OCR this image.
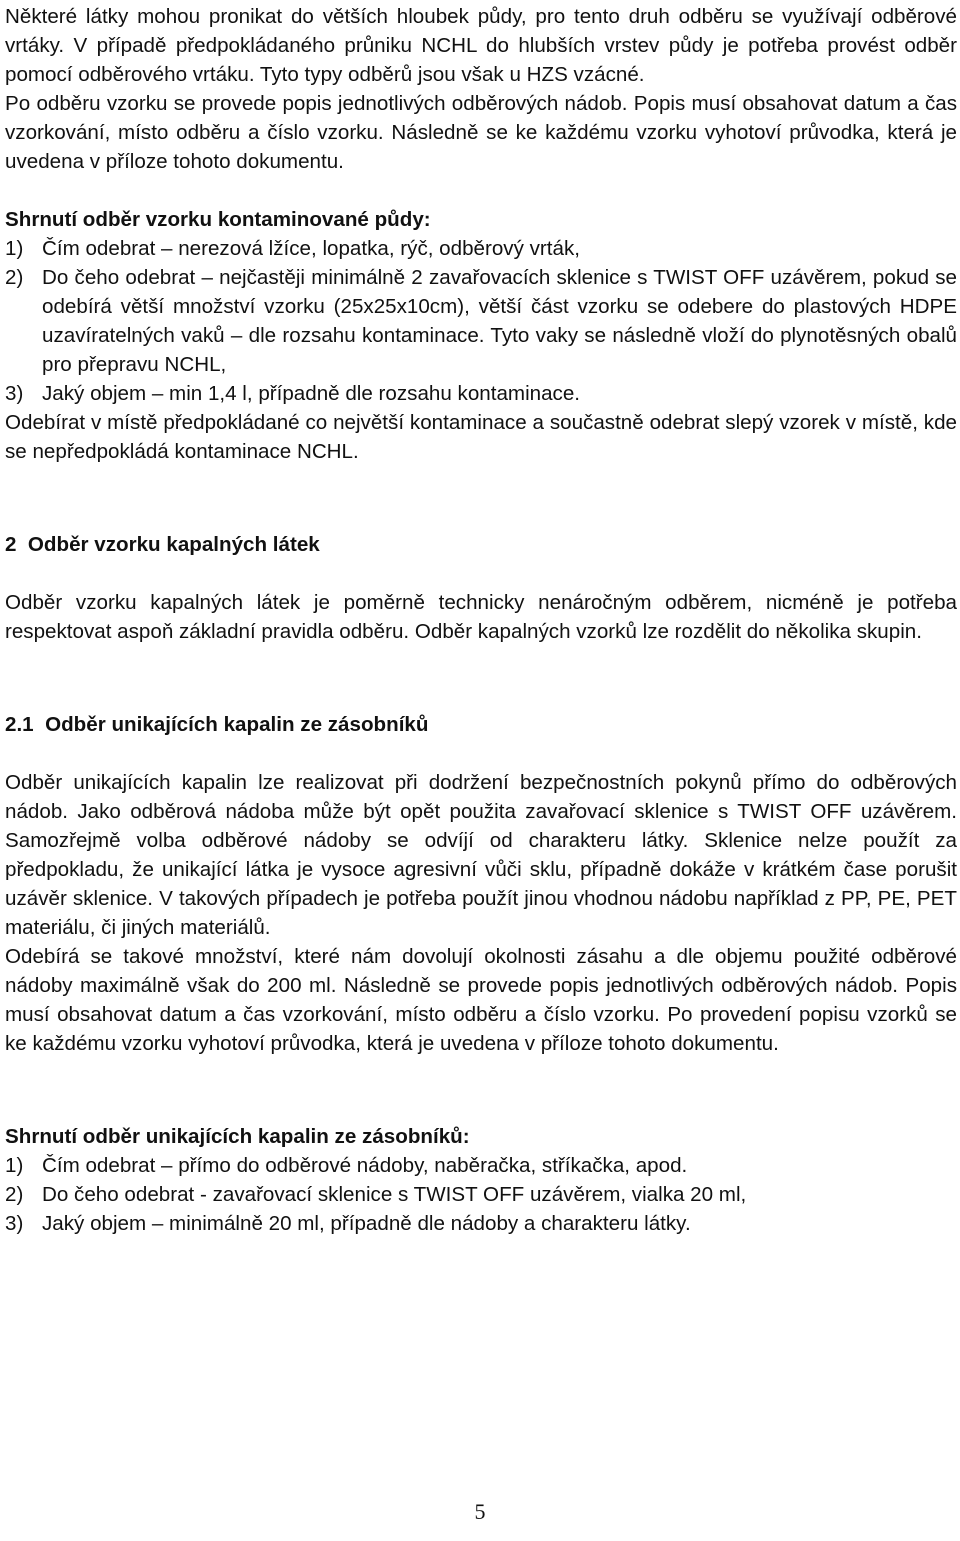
Některé látky mohou pronikat do větších hloubek půdy, pro tento druh odběru se využívají odběrové vrtáky. V případě předpokládaného průniku NCHL do hlubších vrstev půdy je potřeba provést odběr pomocí odběrového vrtáku. Tyto typy odběrů jsou však u HZS vzácné.

Po odběru vzorku se provede popis jednotlivých odběrových nádob. Popis musí obsahovat datum a čas vzorkování, místo odběru a číslo vzorku. Následně se ke každému vzorku vyhotoví průvodka, která je uvedena v příloze tohoto dokumentu.

Shrnutí odběr vzorku kontaminované půdy:
1) Čím odebrat – nerezová lžíce, lopatka, rýč, odběrový vrták,
2) Do čeho odebrat – nejčastěji minimálně 2 zavařovacích sklenice s TWIST OFF uzávěrem, pokud se odebírá větší množství vzorku (25x25x10cm), větší část vzorku se odebere do plastových HDPE uzavíratelných vaků – dle rozsahu kontaminace. Tyto vaky se následně vloží do plynotěsných obalů pro přepravu NCHL,
3) Jaký objem – min 1,4 l, případně dle rozsahu kontaminace.

Odebírat v místě předpokládané co největší kontaminace a součastně odebrat slepý vzorek v místě, kde se nepředpokládá kontaminace NCHL.

2  Odběr vzorku kapalných látek

Odběr vzorku kapalných látek je poměrně technicky nenáročným odběrem, nicméně je potřeba respektovat aspoň základní pravidla odběru. Odběr kapalných vzorků lze rozdělit do několika skupin.

2.1  Odběr unikajících kapalin ze zásobníků

Odběr unikajících kapalin lze realizovat při dodržení bezpečnostních pokynů přímo do odběrových nádob. Jako odběrová nádoba může být opět použita zavařovací sklenice s TWIST OFF uzávěrem. Samozřejmě volba odběrové nádoby se odvíjí od charakteru látky. Sklenice nelze použít za předpokladu, že unikající látka je vysoce agresivní vůči sklu, případně dokáže v krátkém čase porušit uzávěr sklenice. V takových případech je potřeba použít jinou vhodnou nádobu například z PP, PE, PET materiálu, či jiných materiálů.

Odebírá se takové množství, které nám dovolují okolnosti zásahu a dle objemu použité odběrové nádoby maximálně však do 200 ml. Následně se provede popis jednotlivých odběrových nádob. Popis musí obsahovat datum a čas vzorkování, místo odběru a číslo vzorku. Po provedení popisu vzorků se ke každému vzorku vyhotoví průvodka, která je uvedena v příloze tohoto dokumentu.

Shrnutí odběr unikajících kapalin ze zásobníků:
1) Čím odebrat – přímo do odběrové nádoby, naběračka, stříkačka, apod.
2) Do čeho odebrat - zavařovací sklenice s TWIST OFF uzávěrem, vialka 20 ml,
3) Jaký objem – minimálně 20 ml, případně dle nádoby a charakteru látky.
5
